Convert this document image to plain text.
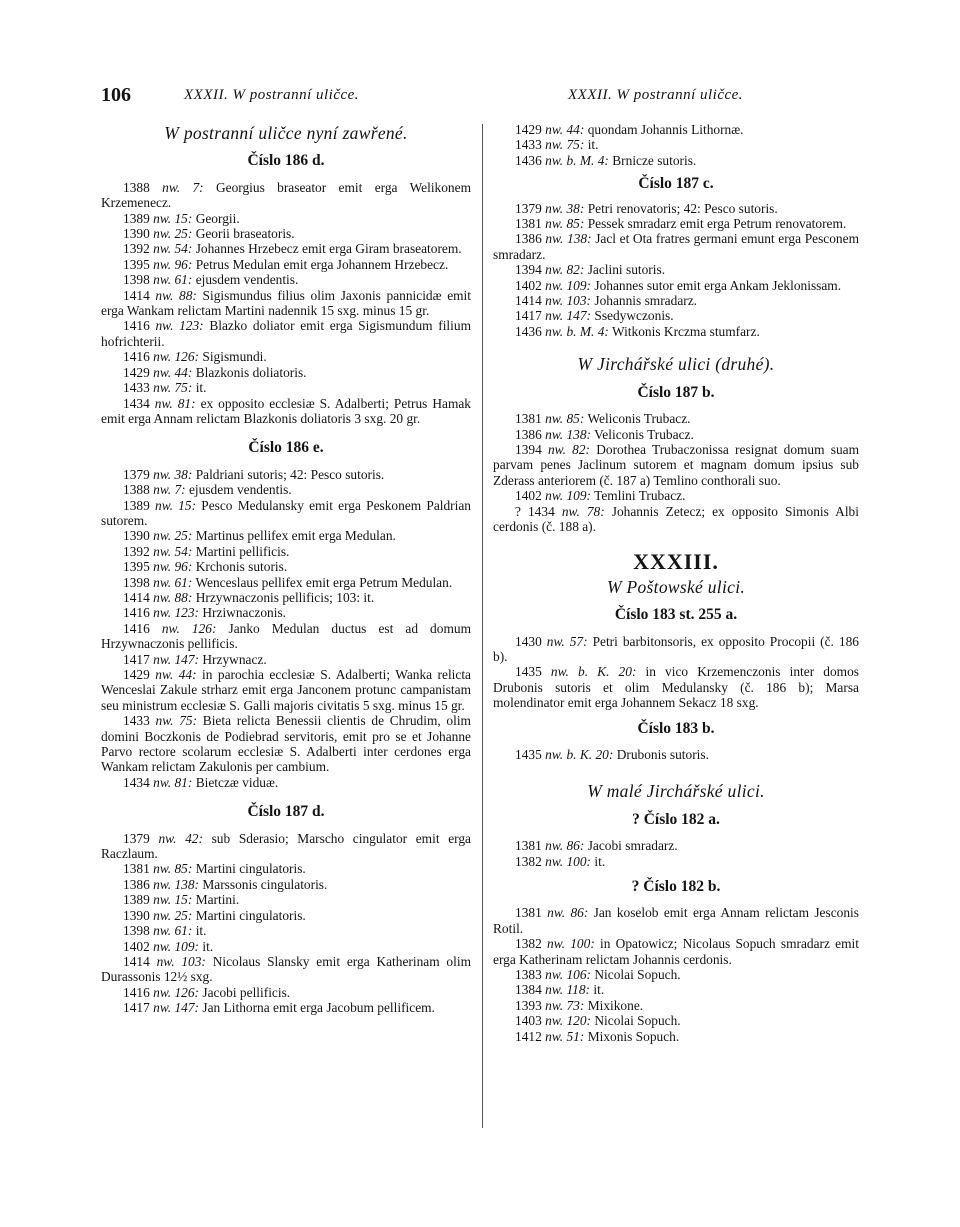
106	XXXII. W postranní uličce.	XXXII. W postranní uličce.
W postranní uličce nyní zawřené.
Číslo 186 d.

1388 nw. 7: Georgius braseator emit erga Welikonem Krzemenecz.

1389 nw. 15: Georgii.

1390 nw. 25: Georii braseatoris.

1392 nw. 54: Johannes Hrzebecz emit erga Giram braseatorem.

1395 nw. 96: Petrus Medulan emit erga Johannem Hrzebecz.

1398 nw. 61: ejusdem vendentis.

1414 nw. 88: Sigismundus filius olim Jaxonis pannicidæ emit erga Wankam relictam Martini nadennik 15 sxg. minus 15 gr.

1416 nw. 123: Blazko doliator emit erga Sigismundum filium hofrichterii.

1416 nw. 126: Sigismundi.

1429 nw. 44: Blazkonis doliatoris.

1433 nw. 75: it.

1434 nw. 81: ex opposito ecclesiæ S. Adalberti; Petrus Hamak emit erga Annam relictam Blazkonis doliatoris 3 sxg. 20 gr.

Číslo 186 e.

1379 nw. 38: Paldriani sutoris; 42: Pesco sutoris.

1388 nw. 7: ejusdem vendentis.

1389 nw. 15: Pesco Medulansky emit erga Peskonem Paldrian sutorem.

1390 nw. 25: Martinus pellifex emit erga Medulan.

1392 nw. 54: Martini pellificis.

1395 nw. 96: Krchonis sutoris.

1398 nw. 61: Wenceslaus pellifex emit erga Petrum Medulan.

1414 nw. 88: Hrzywnaczonis pellificis; 103: it.

1416 nw. 123: Hrziwnaczonis.

1416 nw. 126: Janko Medulan ductus est ad domum Hrzywnaczonis pellificis.

1417 nw. 147: Hrzywnacz.

1429 nw. 44: in parochia ecclesiæ S. Adalberti; Wanka relicta Wenceslai Zakule strharz emit erga Janconem protunc campanistam seu ministrum ecclesiæ S. Galli majoris civitatis 5 sxg. minus 15 gr.

1433 nw. 75: Bieta relicta Benessii clientis de Chrudim, olim domini Boczkonis de Podiebrad servitoris, emit pro se et Johanne Parvo rectore scolarum ecclesiæ S. Adalberti inter cerdones erga Wankam relictam Zakulonis per cambium.

1434 nw. 81: Bietczæ viduæ.

Číslo 187 d.

1379 nw. 42: sub Sderasio; Marscho cingulator emit erga Raczlaum.

1381 nw. 85: Martini cingulatoris.

1386 nw. 138: Marssonis cingulatoris.

1389 nw. 15: Martini.

1390 nw. 25: Martini cingulatoris.

1398 nw. 61: it.

1402 nw. 109: it.

1414 nw. 103: Nicolaus Slansky emit erga Katherinam olim Durassonis 12½ sxg.

1416 nw. 126: Jacobi pellificis.

1417 nw. 147: Jan Lithorna emit erga Jacobum pellificem.

1429 nw. 44: quondam Johannis Lithornæ.

1433 nw. 75: it.

1436 nw. b. M. 4: Brnicze sutoris.

Číslo 187 c.

1379 nw. 38: Petri renovatoris; 42: Pesco sutoris.

1381 nw. 85: Pessek smradarz emit erga Petrum renovatorem.

1386 nw. 138: Jacl et Ota fratres germani emunt erga Pesconem smradarz.

1394 nw. 82: Jaclini sutoris.

1402 nw. 109: Johannes sutor emit erga Ankam Jeklonissam.

1414 nw. 103: Johannis smradarz.

1417 nw. 147: Ssedywczonis.

1436 nw. b. M. 4: Witkonis Krczma stumfarz.

W Jirchářské ulici (druhé).
Číslo 187 b.

1381 nw. 85: Weliconis Trubacz.

1386 nw. 138: Veliconis Trubacz.

1394 nw. 82: Dorothea Trubaczonissa resignat domum suam parvam penes Jaclinum sutorem et magnam domum ipsius sub Zderass anteriorem (č. 187 a) Temlino conthorali suo.

1402 nw. 109: Temlini Trubacz.

? 1434 nw. 78: Johannis Zetecz; ex opposito Simonis Albi cerdonis (č. 188 a).

XXXIII.
W Poštowské ulici.
Číslo 183 st. 255 a.

1430 nw. 57: Petri barbitonsoris, ex opposito Procopii (č. 186 b).

1435 nw. b. K. 20: in vico Krzemenczonis inter domos Drubonis sutoris et olim Medulansky (č. 186 b); Marsa molendinator emit erga Johannem Sekacz 18 sxg.

Číslo 183 b.

1435 nw. b. K. 20: Drubonis sutoris.

W malé Jirchářské ulici.
? Číslo 182 a.

1381 nw. 86: Jacobi smradarz.

1382 nw. 100: it.

? Číslo 182 b.

1381 nw. 86: Jan koselob emit erga Annam relictam Jesconis Rotil.

1382 nw. 100: in Opatowicz; Nicolaus Sopuch smradarz emit erga Katherinam relictam Johannis cerdonis.

1383 nw. 106: Nicolai Sopuch.

1384 nw. 118: it.

1393 nw. 73: Mixikone.

1403 nw. 120: Nicolai Sopuch.

1412 nw. 51: Mixonis Sopuch.
